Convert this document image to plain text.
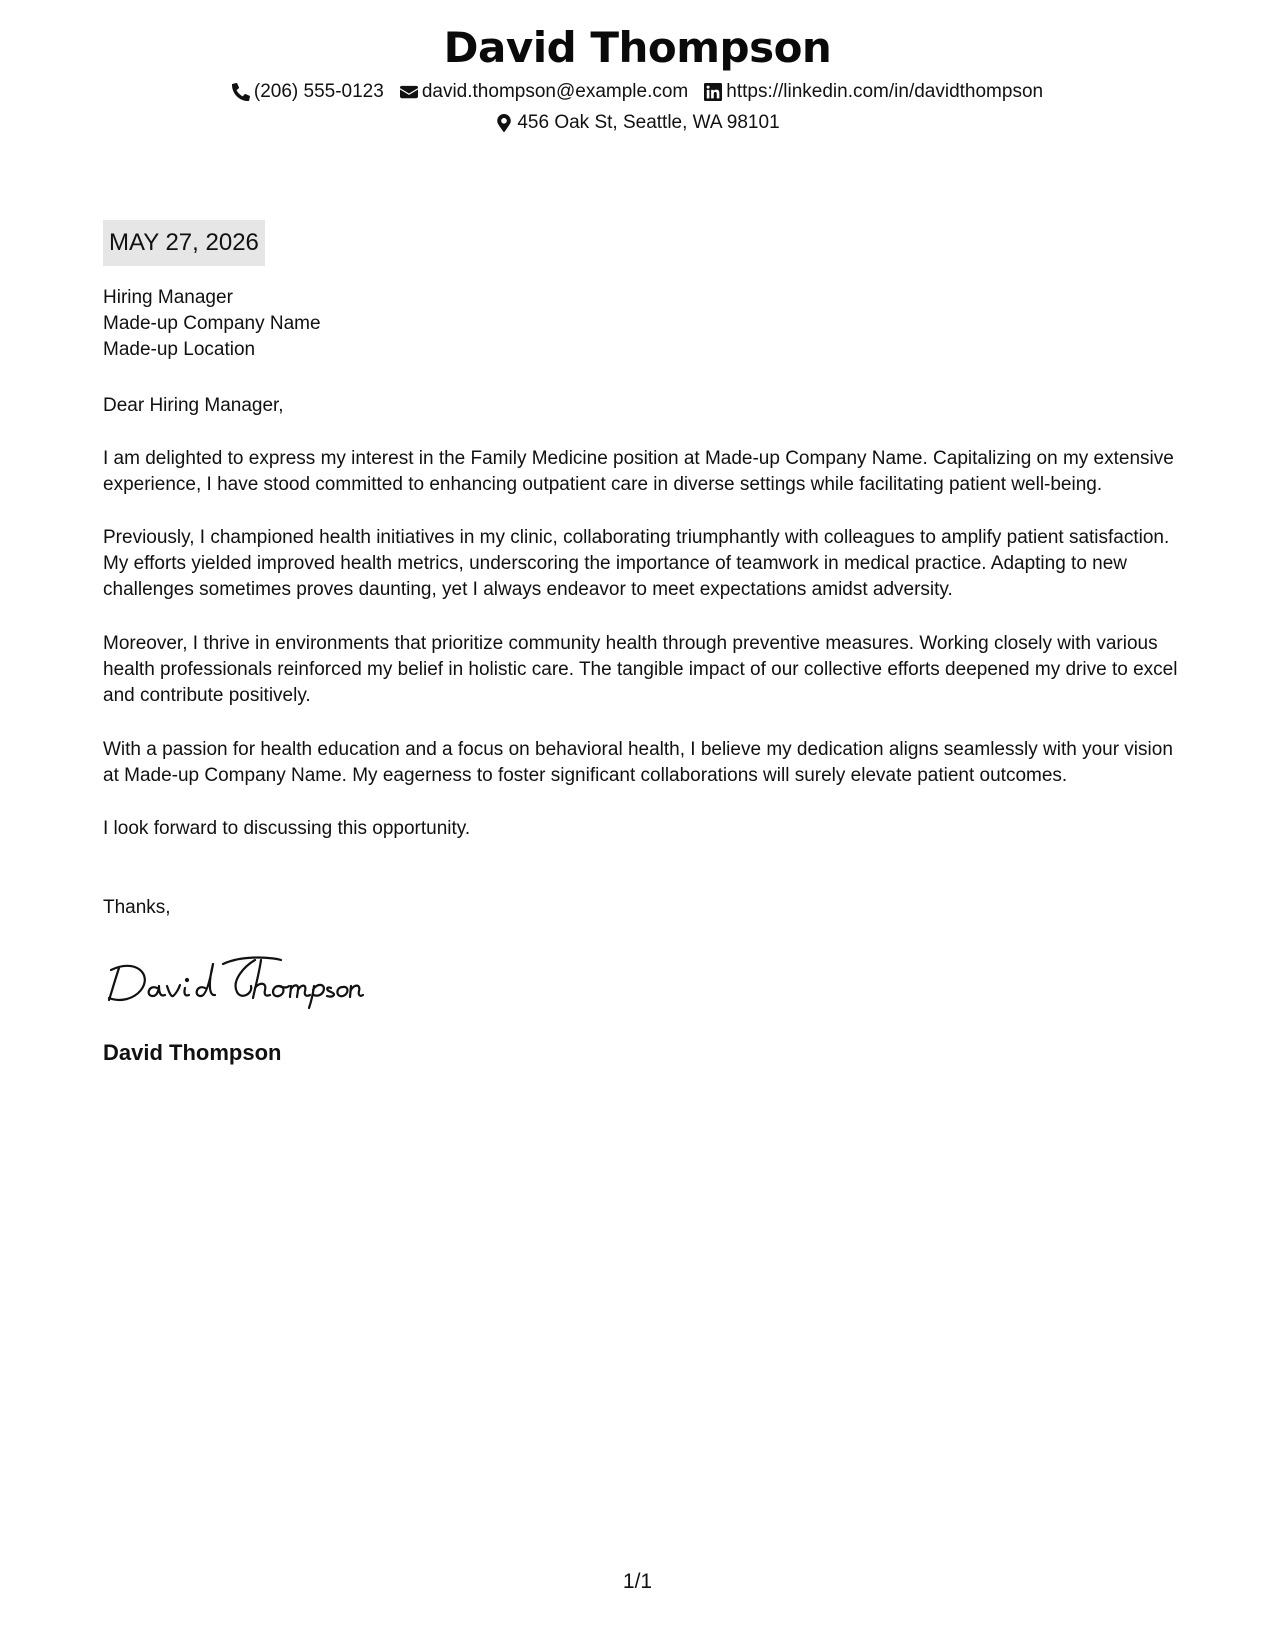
David Thompson
(206) 555-0123 david.thompson@example.com https://linkedin.com/in/davidthompson
456 Oak St, Seattle, WA 98101
MAY 27, 2026
Hiring Manager
Made-up Company Name
Made-up Location

Dear Hiring Manager,

I am delighted to express my interest in the Family Medicine position at Made-up Company Name. Capitalizing on my extensive experience, I have stood committed to enhancing outpatient care in diverse settings while facilitating patient well-being.

Previously, I championed health initiatives in my clinic, collaborating triumphantly with colleagues to amplify patient satisfaction. My efforts yielded improved health metrics, underscoring the importance of teamwork in medical practice. Adapting to new challenges sometimes proves daunting, yet I always endeavor to meet expectations amidst adversity.

Moreover, I thrive in environments that prioritize community health through preventive measures. Working closely with various health professionals reinforced my belief in holistic care. The tangible impact of our collective efforts deepened my drive to excel and contribute positively.

With a passion for health education and a focus on behavioral health, I believe my dedication aligns seamlessly with your vision at Made-up Company Name. My eagerness to foster significant collaborations will surely elevate patient outcomes.

I look forward to discussing this opportunity.

Thanks,

David Thompson
1/1
